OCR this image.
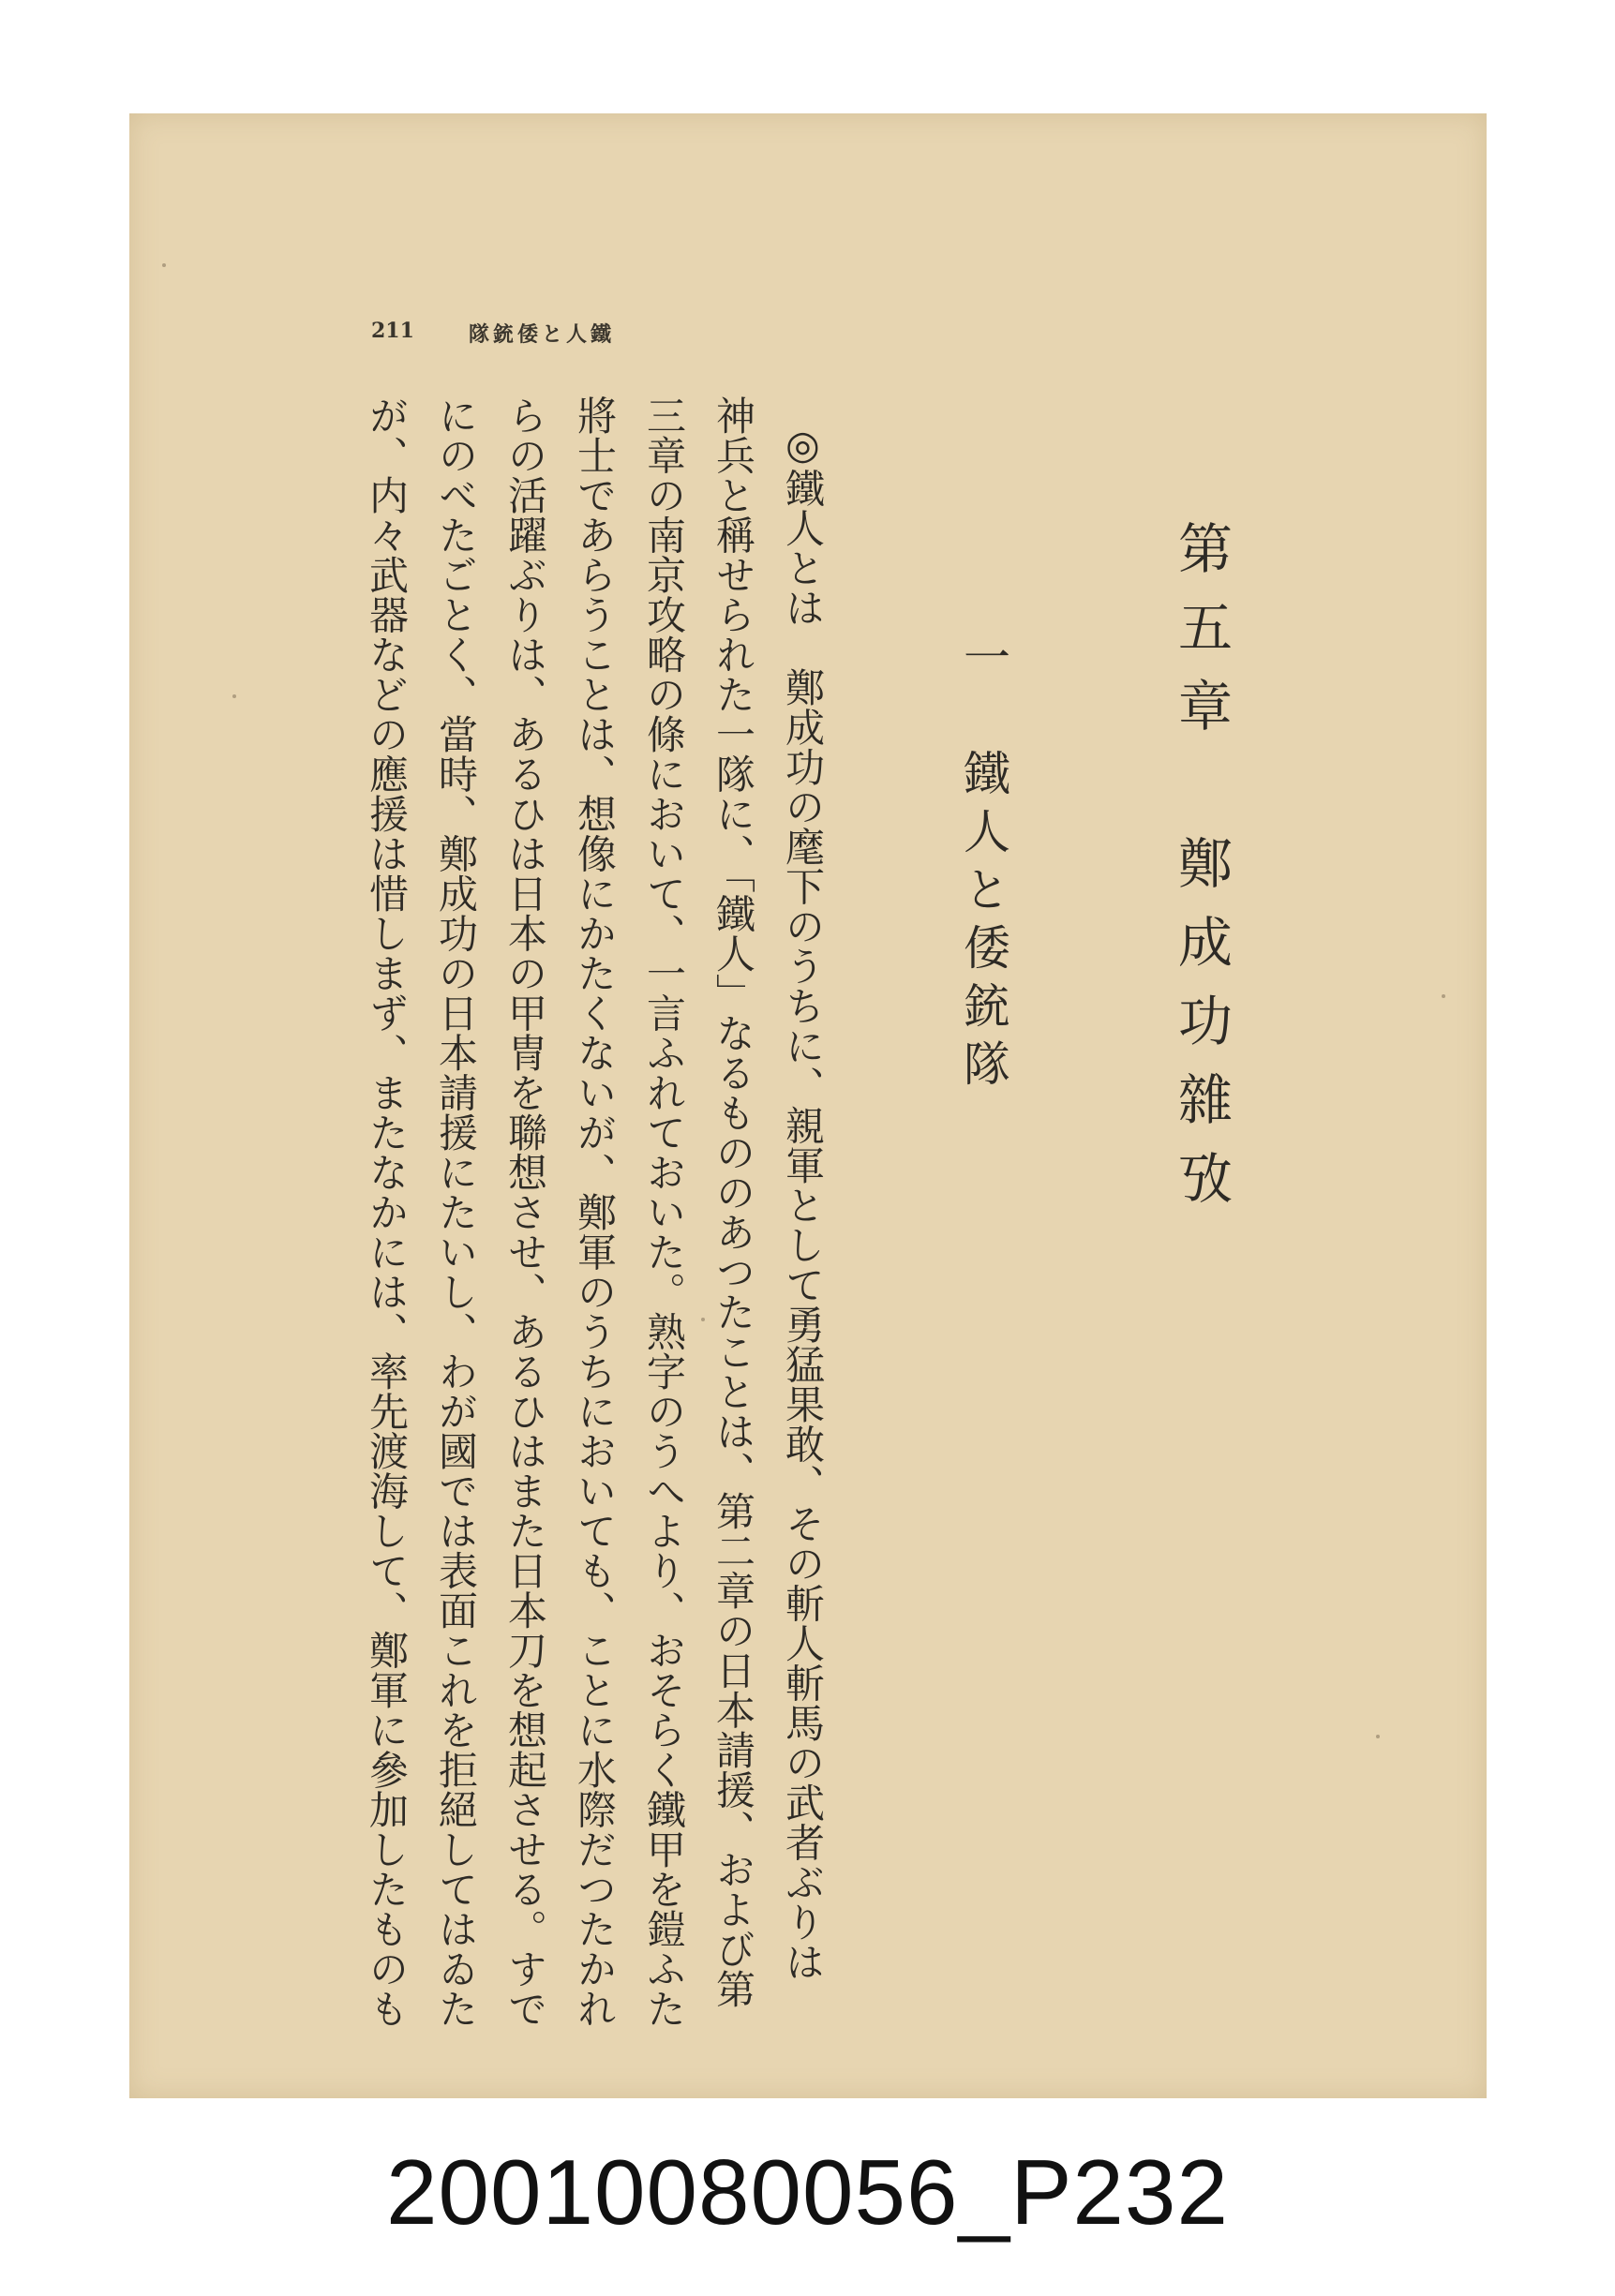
211	隊銃倭と人鐵
第五章　鄭成功雜攷
一　鐵人と倭銃隊
◎鐵人とは　鄭成功の麾下のうちに、親軍として勇猛果敢、その斬人斬馬の武者ぶりは
神兵と稱せられた一隊に、「鐵人」なるもののあつたことは、第二章の日本請援、および第
三章の南京攻略の條において、一言ふれておいた。熟字のうへより、おそらく鐵甲を鎧ふた
將士であらうことは、想像にかたくないが、鄭軍のうちにおいても、ことに水際だつたかれ
らの活躍ぶりは、あるひは日本の甲冑を聯想させ、あるひはまた日本刀を想起させる。すで
にのべたごとく、當時、鄭成功の日本請援にたいし、わが國では表面これを拒絕してはゐた
が、内々武器などの應援は惜しまず、またなかには、率先渡海して、鄭軍に參加したものも
20010080056_P232
